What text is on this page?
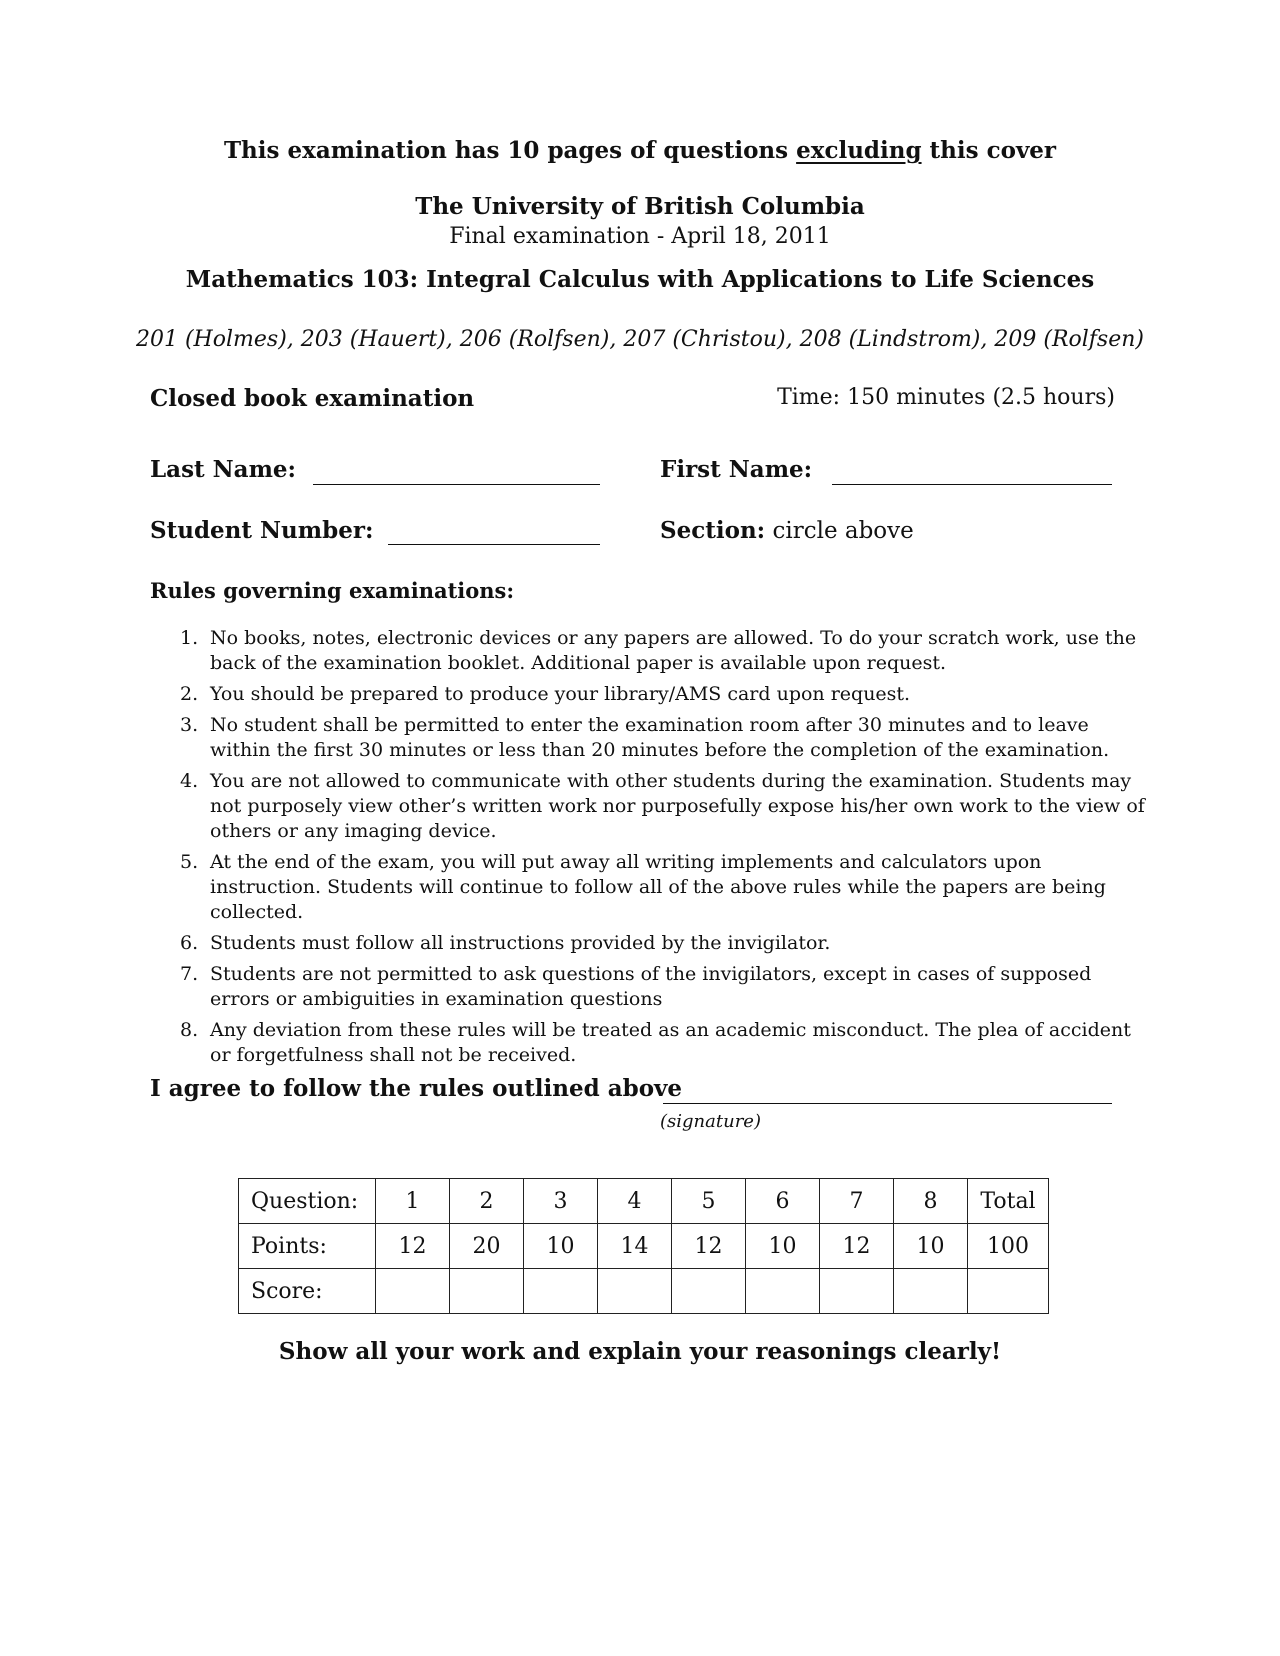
This examination has 10 pages of questions excluding this cover
The University of British Columbia
Final examination - April 18, 2011
Mathematics 103: Integral Calculus with Applications to Life Sciences
201 (Holmes), 203 (Hauert), 206 (Rolfsen), 207 (Christou), 208 (Lindstrom), 209 (Rolfsen)
Closed book examination	Time: 150 minutes (2.5 hours)
Last Name:	First Name:
Student Number:	Section: circle above
Rules governing examinations:
1. No books, notes, electronic devices or any papers are allowed. To do your scratch work, use the back of the examination booklet. Additional paper is available upon request.
2. You should be prepared to produce your library/AMS card upon request.
3. No student shall be permitted to enter the examination room after 30 minutes and to leave within the first 30 minutes or less than 20 minutes before the completion of the examination.
4. You are not allowed to communicate with other students during the examination. Students may not purposely view other’s written work nor purposefully expose his/her own work to the view of others or any imaging device.
5. At the end of the exam, you will put away all writing implements and calculators upon instruction. Students will continue to follow all of the above rules while the papers are being collected.
6. Students must follow all instructions provided by the invigilator.
7. Students are not permitted to ask questions of the invigilators, except in cases of supposed errors or ambiguities in examination questions
8. Any deviation from these rules will be treated as an academic misconduct. The plea of accident or forgetfulness shall not be received.
I agree to follow the rules outlined above
(signature)
Question:	1	2	3	4	5	6	7	8	Total
Points:	12	20	10	14	12	10	12	10	100
Score:									
Show all your work and explain your reasonings clearly!
